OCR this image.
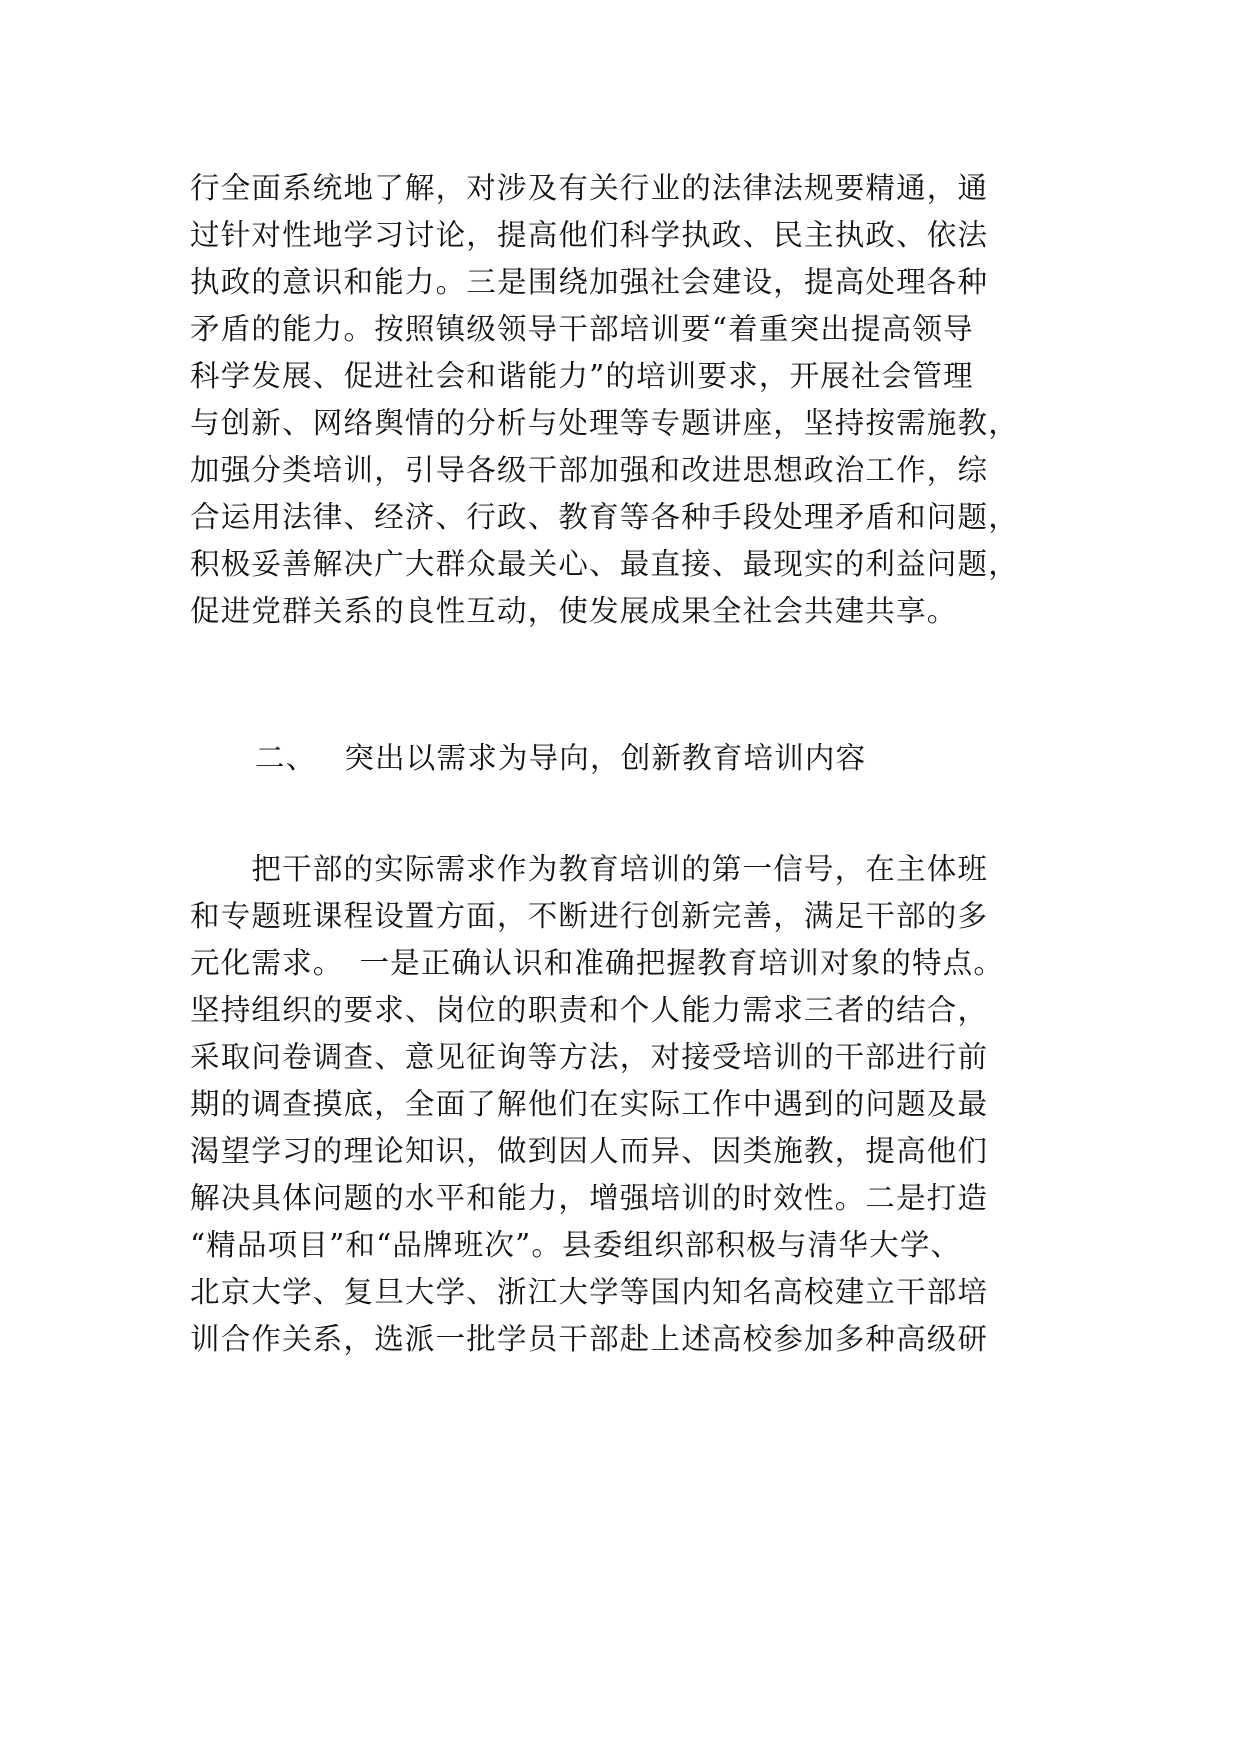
行全面系统地了解，对涉及有关行业的法律法规要精通，通
过针对性地学习讨论，提高他们科学执政、民主执政、依法
执政的意识和能力。三是围绕加强社会建设，提高处理各种
矛盾的能力。按照镇级领导干部培训要“着重突出提高领导
科学发展、促进社会和谐能力”的培训要求，开展社会管理
与创新、网络舆情的分析与处理等专题讲座，坚持按需施教，
加强分类培训，引导各级干部加强和改进思想政治工作，综
合运用法律、经济、行政、教育等各种手段处理矛盾和问题，
积极妥善解决广大群众最关心、最直接、最现实的利益问题，
促进党群关系的良性互动，使发展成果全社会共建共享。
二、 突出以需求为导向，创新教育培训内容
　　把干部的实际需求作为教育培训的第一信号，在主体班
和专题班课程设置方面，不断进行创新完善，满足干部的多
元化需求。　一是正确认识和准确把握教育培训对象的特点。
坚持组织的要求、岗位的职责和个人能力需求三者的结合，
采取问卷调查、意见征询等方法，对接受培训的干部进行前
期的调查摸底，全面了解他们在实际工作中遇到的问题及最
渴望学习的理论知识，做到因人而异、因类施教，提高他们
解决具体问题的水平和能力，增强培训的时效性。二是打造
“精品项目”和“品牌班次”。县委组织部积极与清华大学、
北京大学、复旦大学、浙江大学等国内知名高校建立干部培
训合作关系，选派一批学员干部赴上述高校参加多种高级研
